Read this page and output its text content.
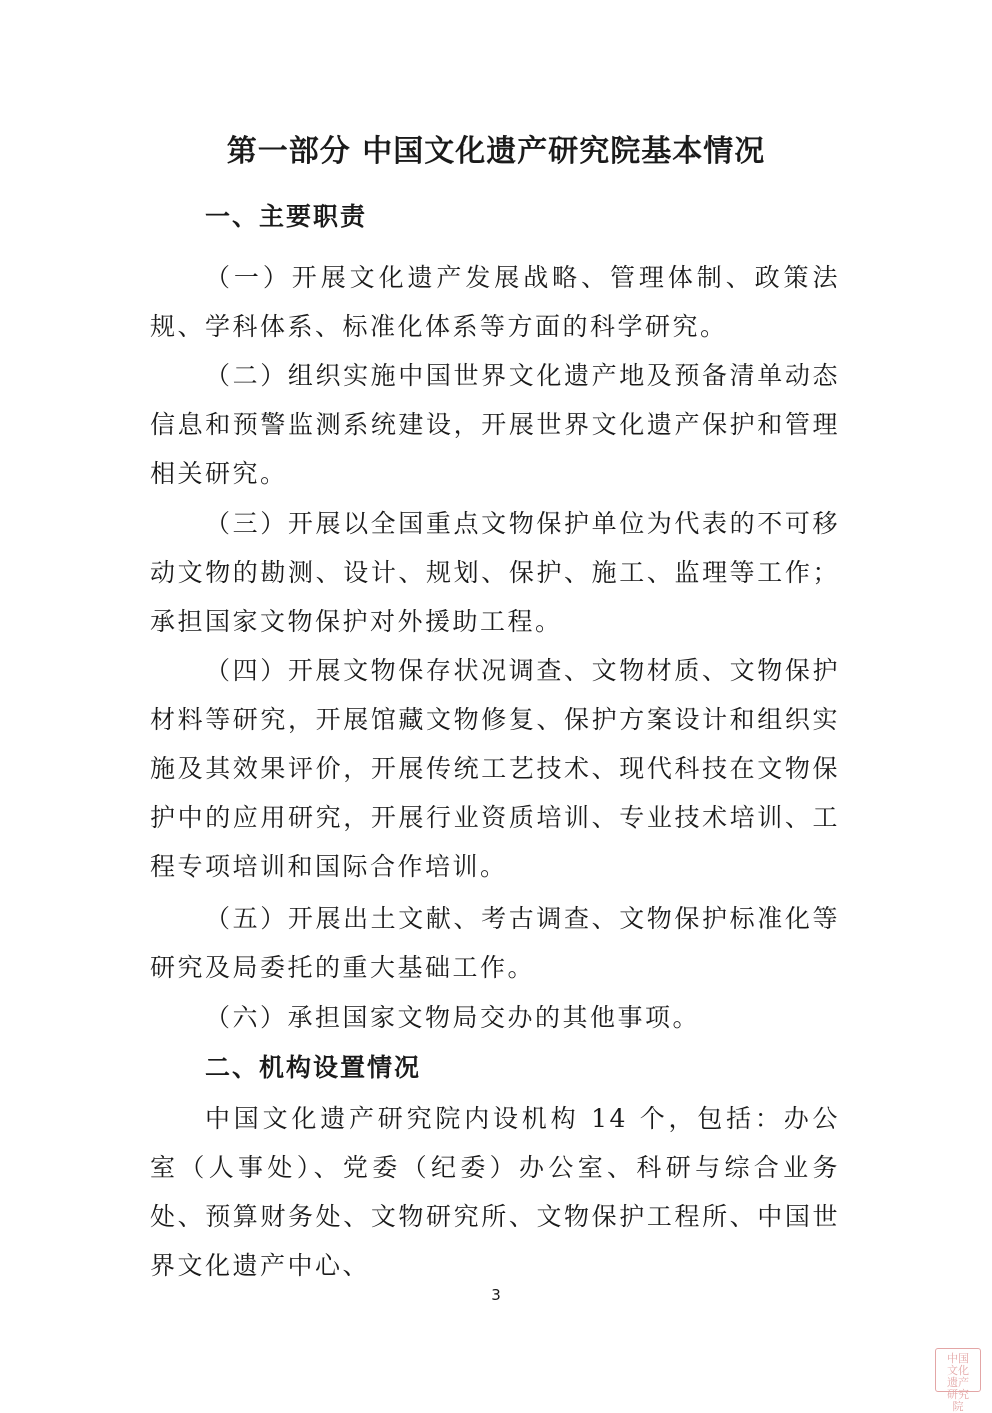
第一部分 中国文化遗产研究院基本情况
一、主要职责

（一）开展文化遗产发展战略、管理体制、政策法规、学科体系、标准化体系等方面的科学研究。

（二）组织实施中国世界文化遗产地及预备清单动态信息和预警监测系统建设，开展世界文化遗产保护和管理相关研究。

（三）开展以全国重点文物保护单位为代表的不可移动文物的勘测、设计、规划、保护、施工、监理等工作；承担国家文物保护对外援助工程。

（四）开展文物保存状况调查、文物材质、文物保护材料等研究，开展馆藏文物修复、保护方案设计和组织实施及其效果评价，开展传统工艺技术、现代科技在文物保护中的应用研究，开展行业资质培训、专业技术培训、工程专项培训和国际合作培训。

（五）开展出土文献、考古调查、文物保护标准化等研究及局委托的重大基础工作。

（六）承担国家文物局交办的其他事项。

二、机构设置情况

中国文化遗产研究院内设机构 14 个，包括：办公室（人事处）、党委（纪委）办公室、科研与综合业务处、预算财务处、文物研究所、文物保护工程所、中国世界文化遗产中心、

3
中国文化遗产研究院
